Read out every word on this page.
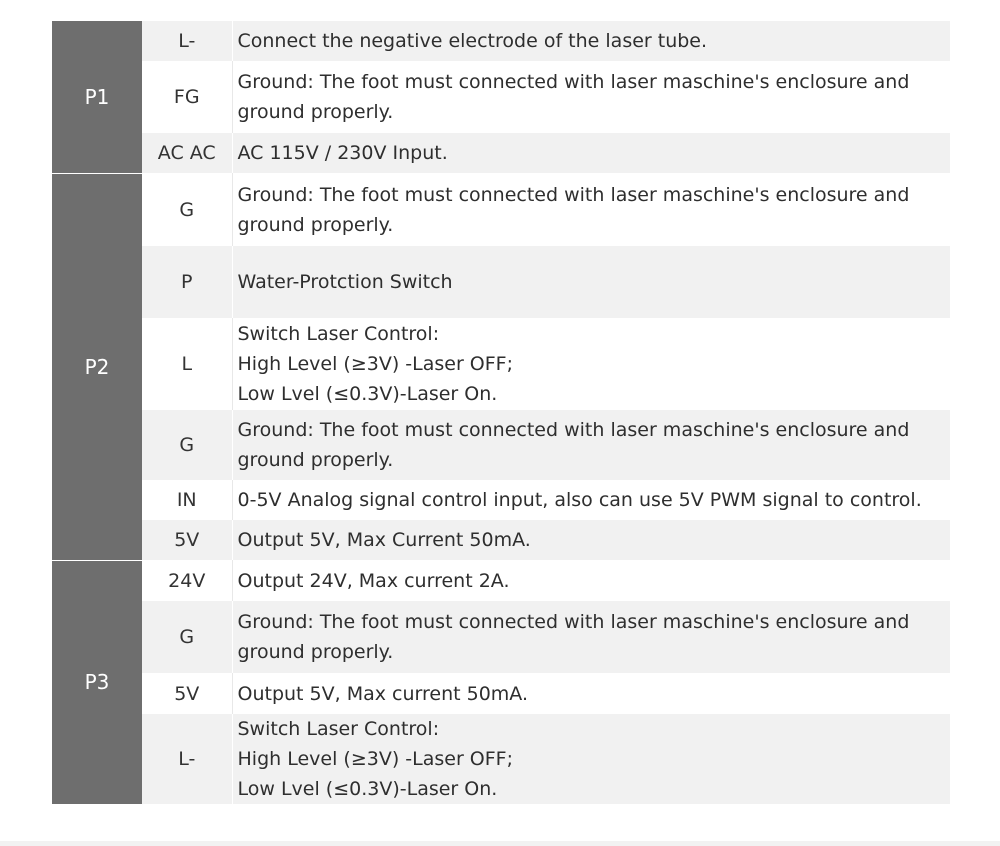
P1	L-	Connect the negative electrode of the laser tube.

	FG	Ground: The foot must connected with laser maschine's enclosure and
ground properly.

	AC AC	AC 115V / 230V Input.

P2	G	Ground: The foot must connected with laser maschine's enclosure and
ground properly.

	P	Water-Protction Switch

	L	Switch Laser Control:
High Level (≥3V) -Laser OFF;
Low Lvel (≤0.3V)-Laser On.

	G	Ground: The foot must connected with laser maschine's enclosure and
ground properly.

	IN	0-5V Analog signal control input, also can use 5V PWM signal to control.

	5V	Output 5V, Max Current 50mA.

P3	24V	Output 24V, Max current 2A.

	G	Ground: The foot must connected with laser maschine's enclosure and
ground properly.

	5V	Output 5V, Max current 50mA.

	L-	Switch Laser Control:
High Level (≥3V) -Laser OFF;
Low Lvel (≤0.3V)-Laser On.
